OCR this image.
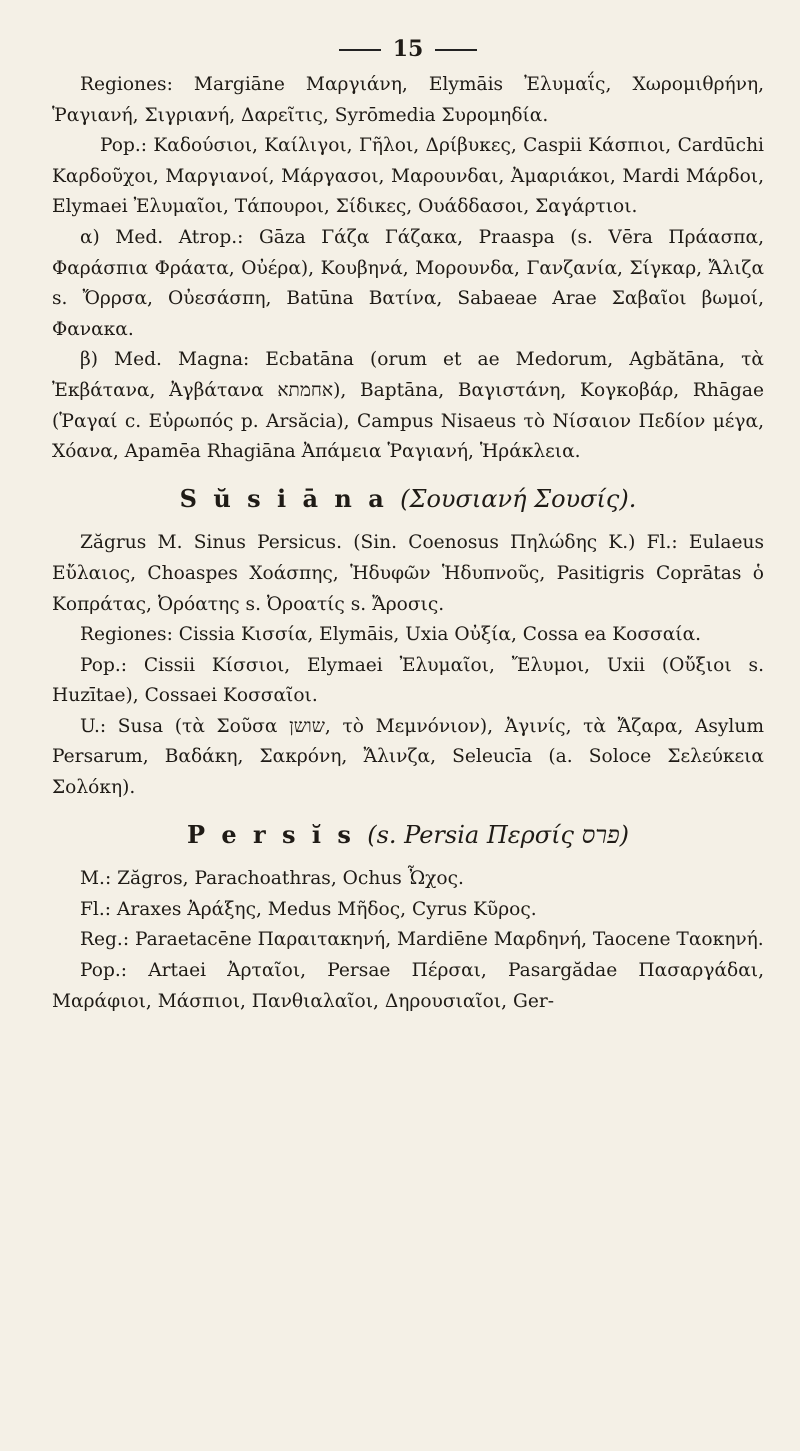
15

Regiones: Margiāne Μαργιάνη, Elymāis Ἐλυμαΐς, Χωρομιθρήνη, Ῥαγιανή, Σιγριανή, Δαρεῖτις, Syrōmedia Συρομηδία.

Pop.: Καδούσιοι, Καίλιγοι, Γῆλοι, Δρίβυκες, Caspii Κάσπιοι, Cardūchi Καρδοῦχοι, Μαργιανοί, Μάργασοι, Μαρουνδαι, Ἀμαριάκοι, Mardi Μάρδοι, Elymaei Ἐλυμαῖοι, Τάπουροι, Σίδικες, Ουάδδασοι, Σαγάρτιοι.

α) Med. Atrop.: Gāza Γάζα Γάζακα, Praaspa (s. Vēra Πράασπα, Φαράσπια Φράατα, Οὐέρα), Κουβηνά, Μορουνδα, Γανζανία, Σίγκαρ, Ἄλιζα s. Ὄρρσα, Οὐεσάσπη, Batūna Βατίνα, Sabaeae Arae Σαβαῖοι βωμοί, Φανακα.

β) Med. Magna: Ecbatāna (orum et ae Medorum, Agbătāna, τὰ Ἐκβάτανα, Ἀγβάτανα אחמתא), Baptāna, Βαγιστάνη, Κογκοβάρ, Rhāgae (Ῥαγαί c. Εὐρωπός p. Arsăcia), Campus Nisaeus τὸ Νίσαιον Πεδίον μέγα, Χόανα, Apamēa Rhagiāna Ἀπάμεια Ῥαγιανή, Ἡράκλεια.

S ŭ s i ā n a (Σουσιανή Σουσίς).

Zăgrus M. Sinus Persicus. (Sin. Coenosus Πηλώδης Κ.) Fl.: Eulaeus Εὔλαιος, Choaspes Χοάσπης, Ἡδυφῶν Ἡδυπνοῦς, Pasitigris Coprātas ὁ Κοπράτας, Ὀρόατης s. Ὀροατίς s. Ἄροσις.

Regiones: Cissia Κισσία, Elymāis, Uxia Οὐξία, Cossa ea Κοσσαία.

Pop.: Cissii Κίσσιοι, Elymaei Ἐλυμαῖοι, Ἔλυμοι, Uxii (Οὔξιοι s. Huzītae), Cossaei Κοσσαῖοι.

U.: Susa (τὰ Σοῦσα שושן, τὸ Μεμνόνιον), Ἀγινίς, τὰ Ἄζαρα, Asylum Persarum, Βαδάκη, Σακρόνη, Ἄλινζα, Seleucīa (a. Soloce Σελεύκεια Σολόκη).

P e r s ĭ s (s. Persia Περσίς פרס)

M.: Zăgros, Parachoathras, Ochus Ὦχος.

Fl.: Araxes Ἀράξης, Medus Μῆδος, Cyrus Κῦρος.

Reg.: Paraetacēne Παραιτακηνή, Mardiēne Μαρδηνή, Taocene Ταοκηνή.

Pop.: Artaei Ἀρταῖοι, Persae Πέρσαι, Pasargădae Πασαργάδαι, Μαράφιοι, Μάσπιοι, Πανθιαλαῖοι, Δηρουσιαῖοι, Ger-
